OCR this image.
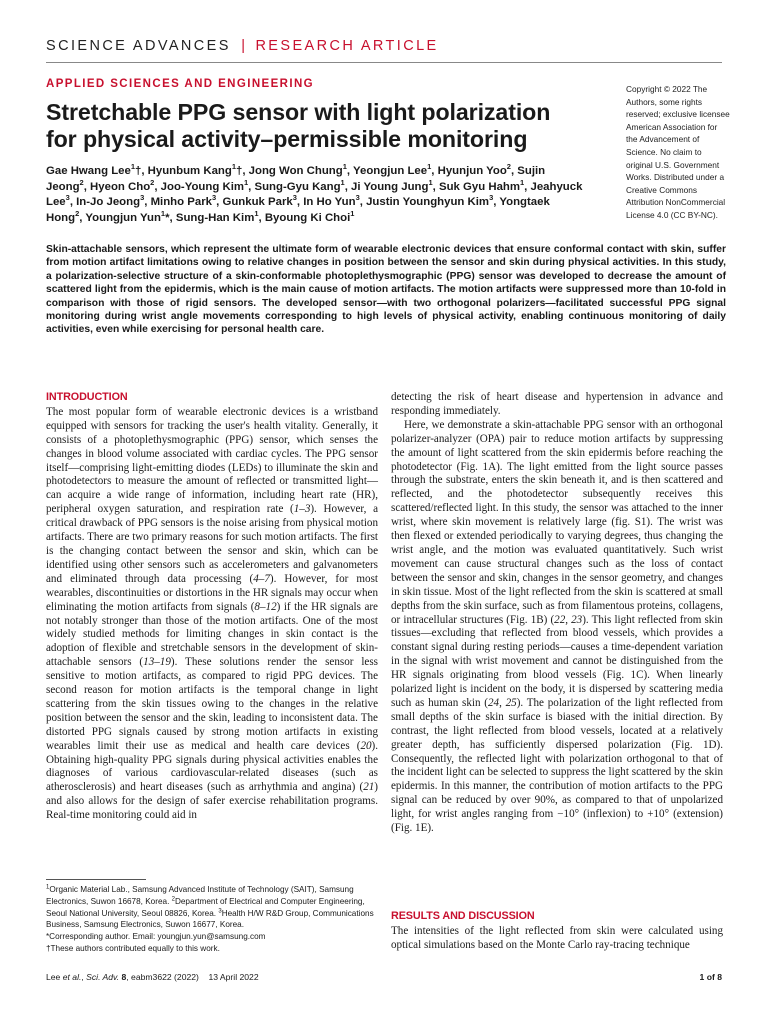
SCIENCE ADVANCES | RESEARCH ARTICLE
APPLIED SCIENCES AND ENGINEERING
Stretchable PPG sensor with light polarization for physical activity–permissible monitoring
Gae Hwang Lee$^1$†, Hyunbum Kang$^1$†, Jong Won Chung$^1$, Yeongjun Lee$^1$, Hyunjun Yoo$^2$, Sujin Jeong$^2$, Hyeon Cho$^2$, Joo-Young Kim$^1$, Sung-Gyu Kang$^1$, Ji Young Jung$^1$, Suk Gyu Hahm$^1$, Jeahyuck Lee$^3$, In-Jo Jeong$^3$, Minho Park$^3$, Gunkuk Park$^3$, In Ho Yun$^3$, Justin Younghyun Kim$^3$, Yongtaek Hong$^2$, Youngjun Yun$^1$*, Sung-Han Kim$^1$, Byoung Ki Choi$^1$
Copyright © 2022 The Authors, some rights reserved; exclusive licensee American Association for the Advancement of Science. No claim to original U.S. Government Works. Distributed under a Creative Commons Attribution NonCommercial License 4.0 (CC BY-NC).

Skin-attachable sensors, which represent the ultimate form of wearable electronic devices that ensure conformal contact with skin, suffer from motion artifact limitations owing to relative changes in position between the sensor and skin during physical activities. In this study, a polarization-selective structure of a skin-conformable photoplethysmographic (PPG) sensor was developed to decrease the amount of scattered light from the epidermis, which is the main cause of motion artifacts. The motion artifacts were suppressed more than 10-fold in comparison with those of rigid sensors. The developed sensor—with two orthogonal polarizers—facilitated successful PPG signal monitoring during wrist angle movements corresponding to high levels of physical activity, enabling continuous monitoring of daily activities, even while exercising for personal health care.

INTRODUCTION

The most popular form of wearable electronic devices is a wristband equipped with sensors for tracking the user's health vitality. Generally, it consists of a photoplethysmographic (PPG) sensor, which senses the changes in blood volume associated with cardiac cycles. The PPG sensor itself—comprising light-emitting diodes (LEDs) to illuminate the skin and photodetectors to measure the amount of reflected or transmitted light—can acquire a wide range of information, including heart rate (HR), peripheral oxygen saturation, and respiration rate (1–3). However, a critical drawback of PPG sensors is the noise arising from physical motion artifacts. There are two primary reasons for such motion artifacts. The first is the changing contact between the sensor and skin, which can be identified using other sensors such as accelerometers and galvanometers and eliminated through data processing (4–7). However, for most wearables, discontinuities or distortions in the HR signals may occur when eliminating the motion artifacts from signals (8–12) if the HR signals are not notably stronger than those of the motion artifacts. One of the most widely studied methods for limiting changes in skin contact is the adoption of flexible and stretchable sensors in the development of skin-attachable sensors (13–19). These solutions render the sensor less sensitive to motion artifacts, as compared to rigid PPG devices. The second reason for motion artifacts is the temporal change in light scattering from the skin tissues owing to the changes in the relative position between the sensor and the skin, leading to inconsistent data. The distorted PPG signals caused by strong motion artifacts in existing wearables limit their use as medical and health care devices (20). Obtaining high-quality PPG signals during physical activities enables the diagnoses of various cardiovascular-related diseases (such as atherosclerosis) and heart diseases (such as arrhythmia and angina) (21) and also allows for the design of safer exercise rehabilitation programs. Real-time monitoring could aid in

$^1$Organic Material Lab., Samsung Advanced Institute of Technology (SAIT), Samsung Electronics, Suwon 16678, Korea. $^2$Department of Electrical and Computer Engineering, Seoul National University, Seoul 08826, Korea. $^3$Health H/W R&D Group, Communications Business, Samsung Electronics, Suwon 16677, Korea.
*Corresponding author. Email: youngjun.yun@samsung.com
†These authors contributed equally to this work.

detecting the risk of heart disease and hypertension in advance and responding immediately.

Here, we demonstrate a skin-attachable PPG sensor with an orthogonal polarizer-analyzer (OPA) pair to reduce motion artifacts by suppressing the amount of light scattered from the skin epidermis before reaching the photodetector (Fig. 1A). The light emitted from the light source passes through the substrate, enters the skin beneath it, and is then scattered and reflected, and the photodetector subsequently receives this scattered/reflected light. In this study, the sensor was attached to the inner wrist, where skin movement is relatively large (fig. S1). The wrist was then flexed or extended periodically to varying degrees, thus changing the wrist angle, and the motion was evaluated quantitatively. Such wrist movement can cause structural changes such as the loss of contact between the sensor and skin, changes in the sensor geometry, and changes in skin tissue. Most of the light reflected from the skin is scattered at small depths from the skin surface, such as from filamentous proteins, collagens, or intracellular structures (Fig. 1B) (22, 23). This light reflected from skin tissues—excluding that reflected from blood vessels, which provides a constant signal during resting periods—causes a time-dependent variation in the signal with wrist movement and cannot be distinguished from the HR signals originating from blood vessels (Fig. 1C). When linearly polarized light is incident on the body, it is dispersed by scattering media such as human skin (24, 25). The polarization of the light reflected from small depths of the skin surface is biased with the initial direction. By contrast, the light reflected from blood vessels, located at a relatively greater depth, has sufficiently dispersed polarization (Fig. 1D). Consequently, the reflected light with polarization orthogonal to that of the incident light can be selected to suppress the light scattered by the skin epidermis. In this manner, the contribution of motion artifacts to the PPG signal can be reduced by over 90%, as compared to that of unpolarized light, for wrist angles ranging from −10° (inflexion) to +10° (extension) (Fig. 1E).

RESULTS AND DISCUSSION

The intensities of the light reflected from skin were calculated using optical simulations based on the Monte Carlo ray-tracing technique

Lee et al., Sci. Adv. 8, eabm3622 (2022)    13 April 2022	1 of 8
